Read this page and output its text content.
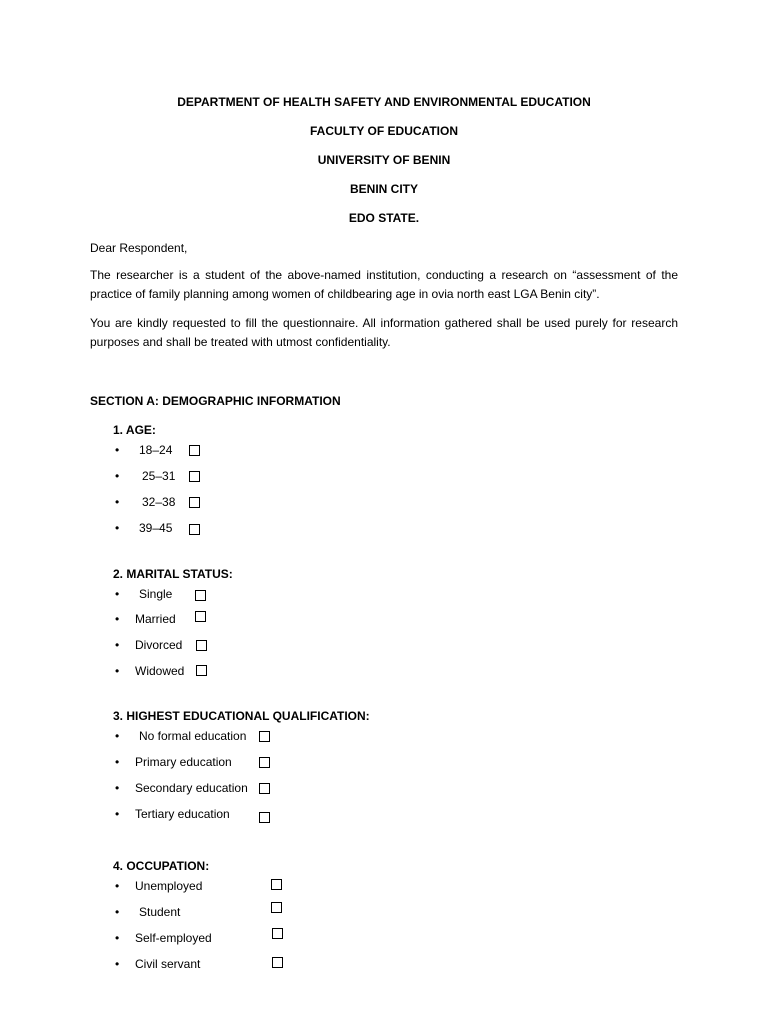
DEPARTMENT OF HEALTH SAFETY AND ENVIRONMENTAL EDUCATION
FACULTY OF EDUCATION
UNIVERSITY OF BENIN
BENIN CITY
EDO STATE.
Dear Respondent,
The researcher is a student of the above-named institution, conducting a research on “assessment of the practice of family planning among women of childbearing age in ovia north east LGA Benin city”.
You are kindly requested to fill the questionnaire. All information gathered shall be used purely for research purposes and shall be treated with utmost confidentiality.
SECTION A: DEMOGRAPHIC INFORMATION
1. AGE:
• 18–24
• 25–31
• 32–38
• 39–45
2. MARITAL STATUS:
• Single
• Married
• Divorced
• Widowed
3. HIGHEST EDUCATIONAL QUALIFICATION:
• No formal education
• Primary education
• Secondary education
• Tertiary education
4. OCCUPATION:
• Unemployed
• Student
• Self-employed
• Civil servant
